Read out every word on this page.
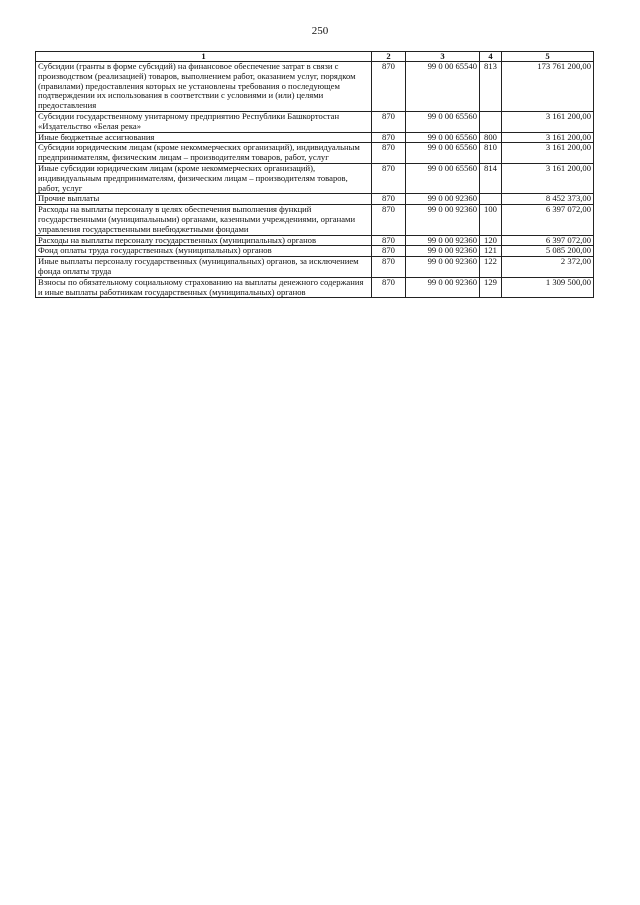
250
1	2	3	4	5
Субсидии (гранты в форме субсидий) на финансовое обеспечение затрат в связи с производством (реализацией) товаров, выполнением работ, оказанием услуг, порядком (правилами) предоставления которых не установлены требования о последующем подтверждении их использования в соответствии с условиями и (или) целями предоставления	870	99 0 00 65540	813	173 761 200,00
Субсидии государственному унитарному предприятию Республики Башкортостан «Издательство «Белая река»	870	99 0 00 65560		3 161 200,00
Иные бюджетные ассигнования	870	99 0 00 65560	800	3 161 200,00
Субсидии юридическим лицам (кроме некоммерческих организаций), индивидуальным предпринимателям, физическим лицам – производителям товаров, работ, услуг	870	99 0 00 65560	810	3 161 200,00
Иные субсидии юридическим лицам (кроме некоммерческих организаций), индивидуальным предпринимателям, физическим лицам – производителям товаров, работ, услуг	870	99 0 00 65560	814	3 161 200,00
Прочие выплаты	870	99 0 00 92360		8 452 373,00
Расходы на выплаты персоналу в целях обеспечения выполнения функций государственными (муниципальными) органами, казенными учреждениями, органами управления государственными внебюджетными фондами	870	99 0 00 92360	100	6 397 072,00
Расходы на выплаты персоналу государственных (муниципальных) органов	870	99 0 00 92360	120	6 397 072,00
Фонд оплаты труда государственных (муниципальных) органов	870	99 0 00 92360	121	5 085 200,00
Иные выплаты персоналу государственных (муниципальных) органов, за исключением фонда оплаты труда	870	99 0 00 92360	122	2 372,00
Взносы по обязательному социальному страхованию на выплаты денежного содержания и иные выплаты работникам государственных (муниципальных) органов	870	99 0 00 92360	129	1 309 500,00
